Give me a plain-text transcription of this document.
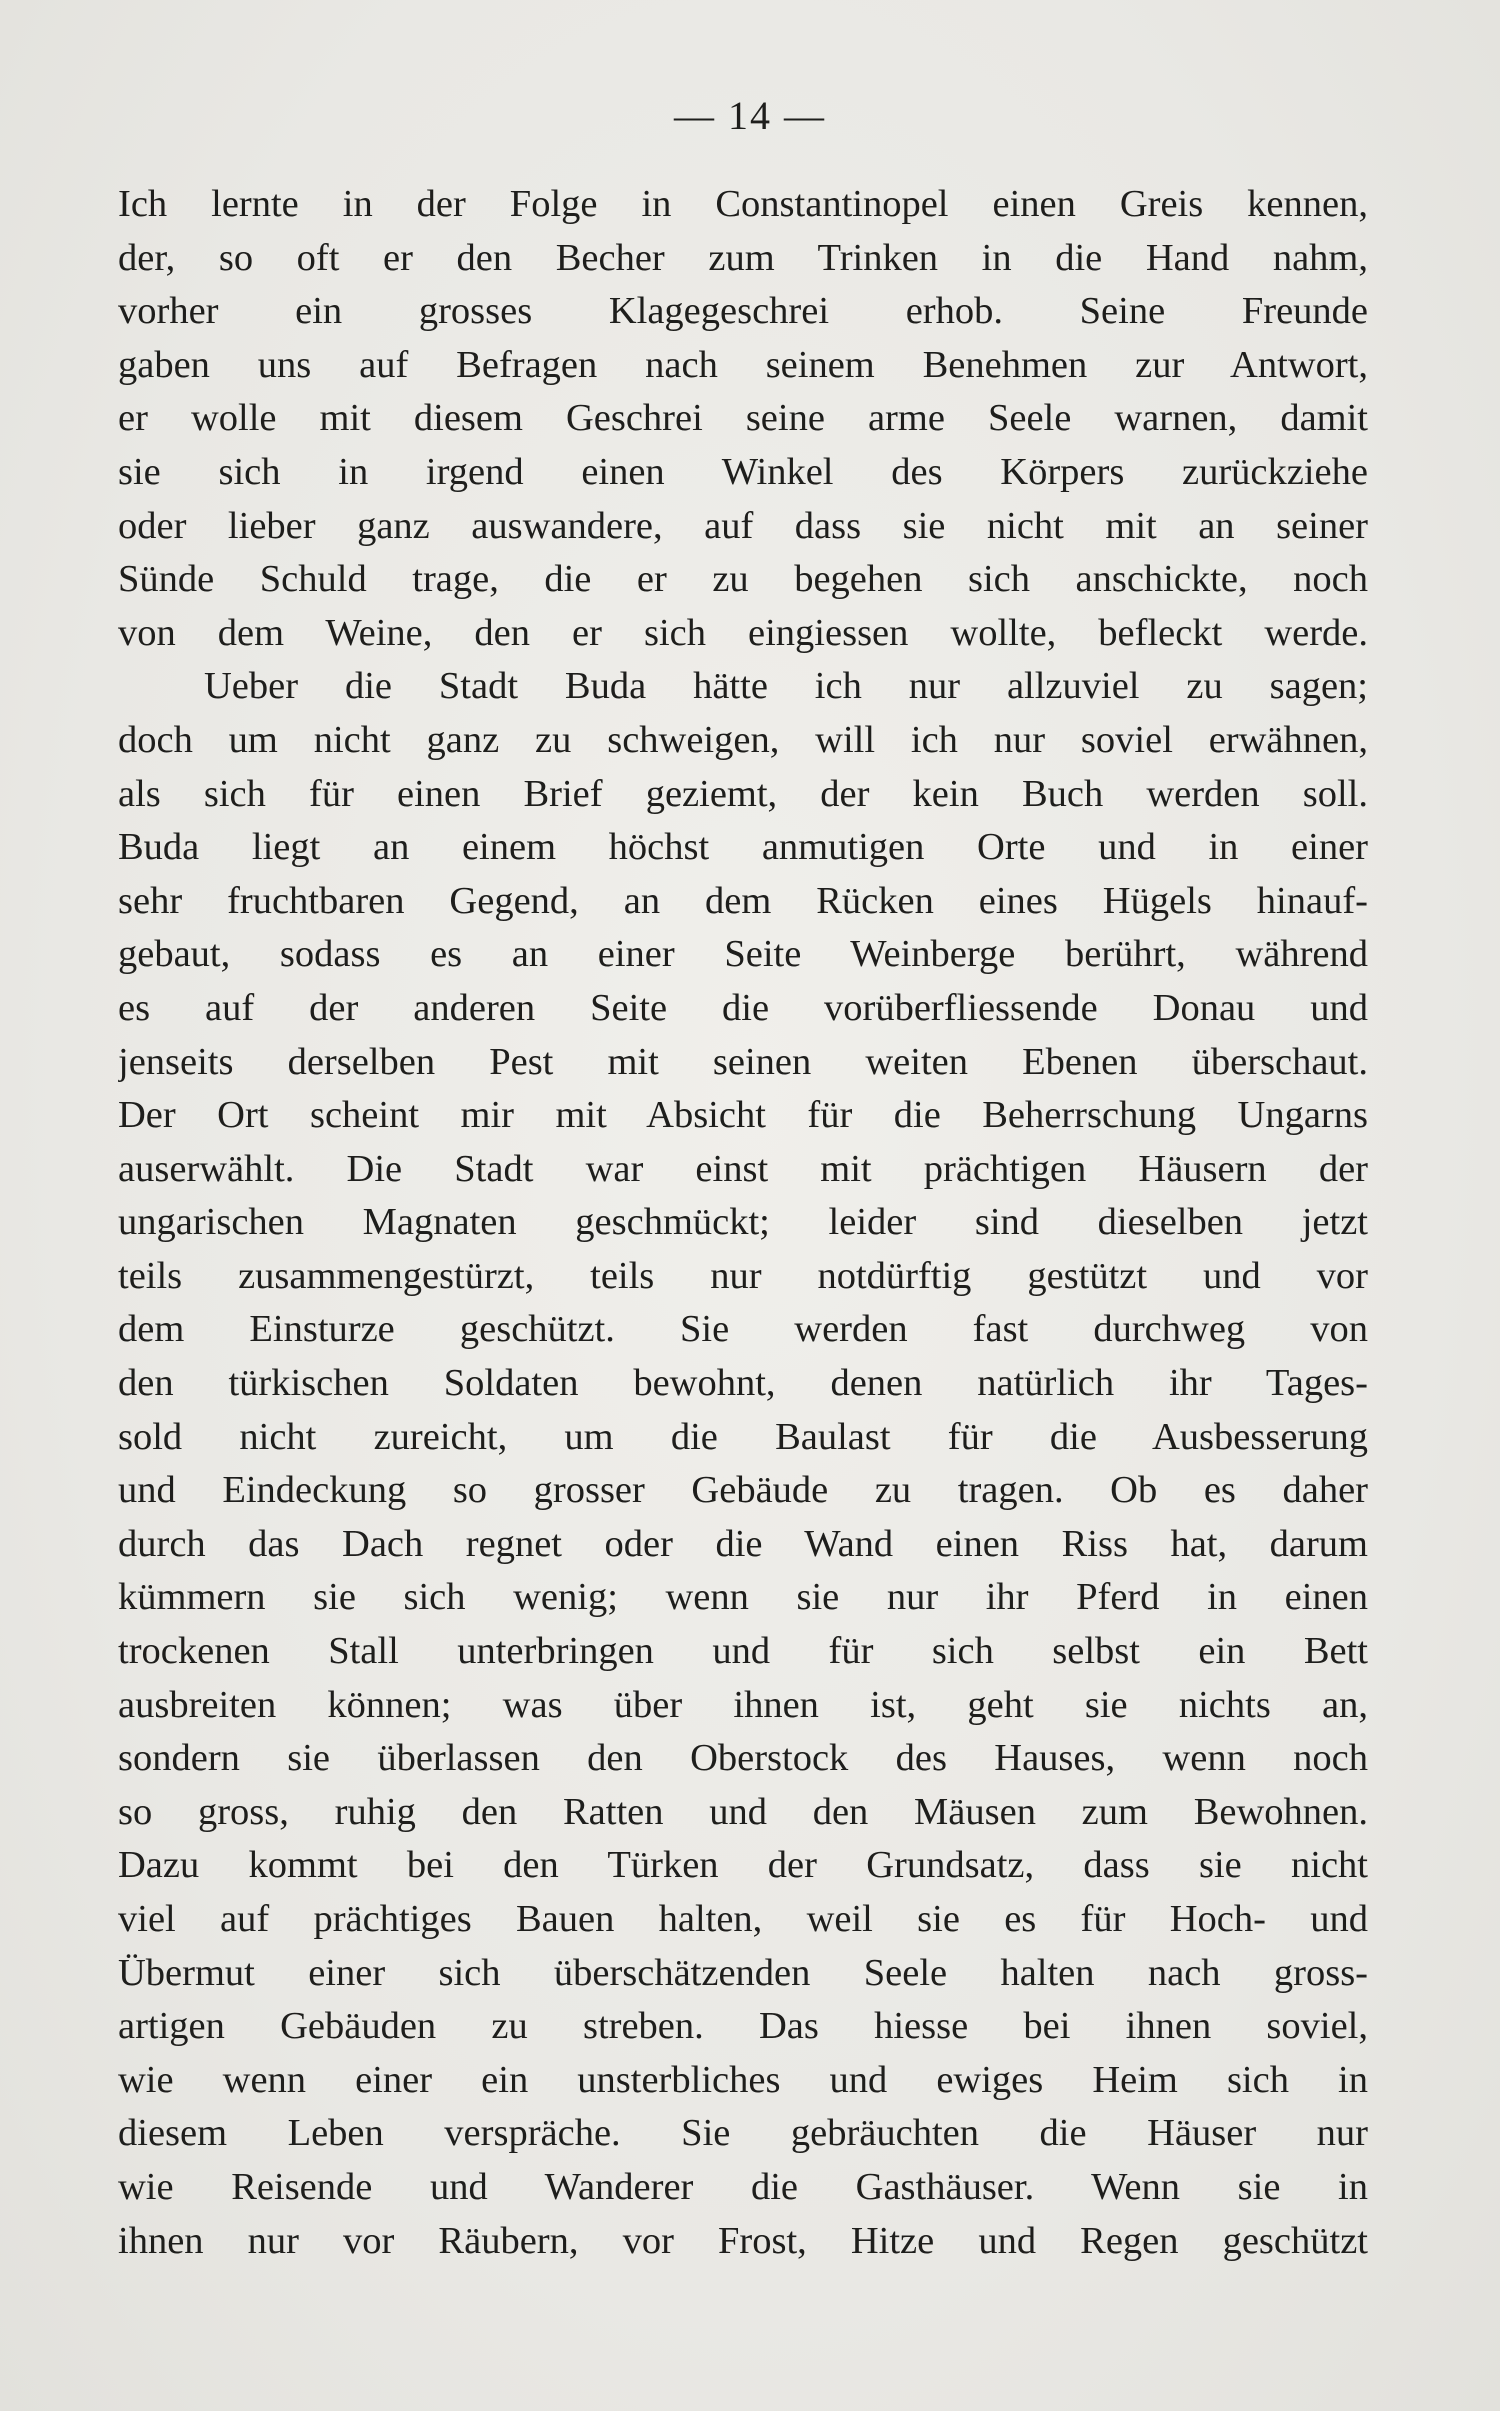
— 14 —
Ich lernte in der Folge in Constantinopel einen Greis kennen,
der, so oft er den Becher zum Trinken in die Hand nahm,
vorher ein grosses Klagegeschrei erhob. Seine Freunde
gaben uns auf Befragen nach seinem Benehmen zur Antwort,
er wolle mit diesem Geschrei seine arme Seele warnen, damit
sie sich in irgend einen Winkel des Körpers zurückziehe
oder lieber ganz auswandere, auf dass sie nicht mit an seiner
Sünde Schuld trage, die er zu begehen sich anschickte, noch
von dem Weine, den er sich eingiessen wollte, befleckt werde.
Ueber die Stadt Buda hätte ich nur allzuviel zu sagen;
doch um nicht ganz zu schweigen, will ich nur soviel erwähnen,
als sich für einen Brief geziemt, der kein Buch werden soll.
Buda liegt an einem höchst anmutigen Orte und in einer
sehr fruchtbaren Gegend, an dem Rücken eines Hügels hinauf-
gebaut, sodass es an einer Seite Weinberge berührt, während
es auf der anderen Seite die vorüberfliessende Donau und
jenseits derselben Pest mit seinen weiten Ebenen überschaut.
Der Ort scheint mir mit Absicht für die Beherrschung Ungarns
auserwählt. Die Stadt war einst mit prächtigen Häusern der
ungarischen Magnaten geschmückt; leider sind dieselben jetzt
teils zusammengestürzt, teils nur notdürftig gestützt und vor
dem Einsturze geschützt. Sie werden fast durchweg von
den türkischen Soldaten bewohnt, denen natürlich ihr Tages-
sold nicht zureicht, um die Baulast für die Ausbesserung
und Eindeckung so grosser Gebäude zu tragen. Ob es daher
durch das Dach regnet oder die Wand einen Riss hat, darum
kümmern sie sich wenig; wenn sie nur ihr Pferd in einen
trockenen Stall unterbringen und für sich selbst ein Bett
ausbreiten können; was über ihnen ist, geht sie nichts an,
sondern sie überlassen den Oberstock des Hauses, wenn noch
so gross, ruhig den Ratten und den Mäusen zum Bewohnen.
Dazu kommt bei den Türken der Grundsatz, dass sie nicht
viel auf prächtiges Bauen halten, weil sie es für Hoch- und
Übermut einer sich überschätzenden Seele halten nach gross-
artigen Gebäuden zu streben. Das hiesse bei ihnen soviel,
wie wenn einer ein unsterbliches und ewiges Heim sich in
diesem Leben verspräche. Sie gebräuchten die Häuser nur
wie Reisende und Wanderer die Gasthäuser. Wenn sie in
ihnen nur vor Räubern, vor Frost, Hitze und Regen geschützt
